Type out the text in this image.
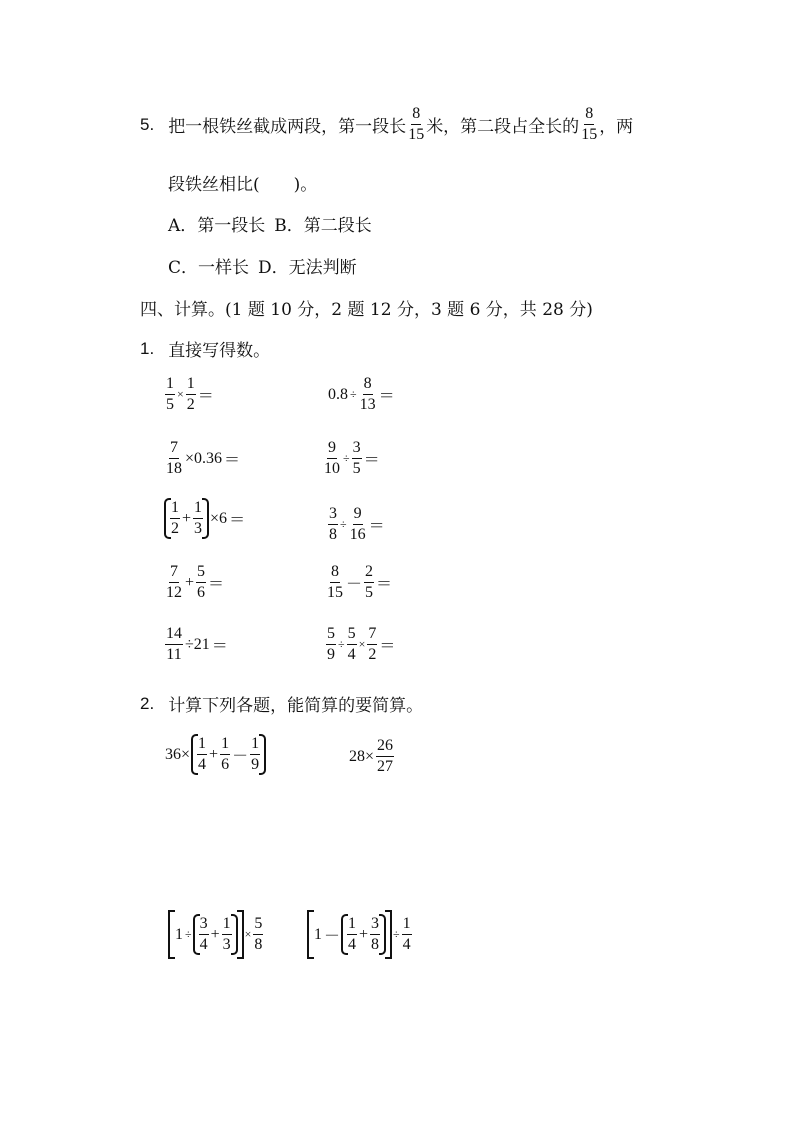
5. 把一根铁丝截成两段，第一段长 $\frac{8}{15}$ 米，第二段占全长的 $\frac{8}{15}$ ，两
段铁丝相比(　　)。
A．第一段长 B．第二段长
C．一样长 D．无法判断
四、计算。(1 题 10 分，2 题 12 分，3 题 6 分，共 28 分)
1. 直接写得数。
$\frac{1}{5} \times \frac{1}{2}$ ＝	$0.8 \div \frac{8}{13}$ ＝
$\frac{7}{18} \times 0.36$ ＝	$\frac{9}{10} \div \frac{3}{5}$ ＝
$\frac{1}{2} + \frac{1}{3} \times 6$ ＝	$\frac{3}{8} \div \frac{9}{16}$ ＝
$\frac{7}{12} + \frac{5}{6}$ ＝	$\frac{8}{15} - \frac{2}{5}$ ＝
$\frac{14}{11} \div 21$ ＝	$\frac{5}{9} \div \frac{5}{4} \times \frac{7}{2}$ ＝
2. 计算下列各题，能简算的要简算。
$36\times \frac{1}{4} + \frac{1}{6} - \frac{1}{9}$	$28\times \frac{26}{27}$
$1 \div \frac{3}{4} + \frac{1}{3} \times \frac{5}{8}$	$1 - \frac{1}{4} + \frac{3}{8} \div \frac{1}{4}$
